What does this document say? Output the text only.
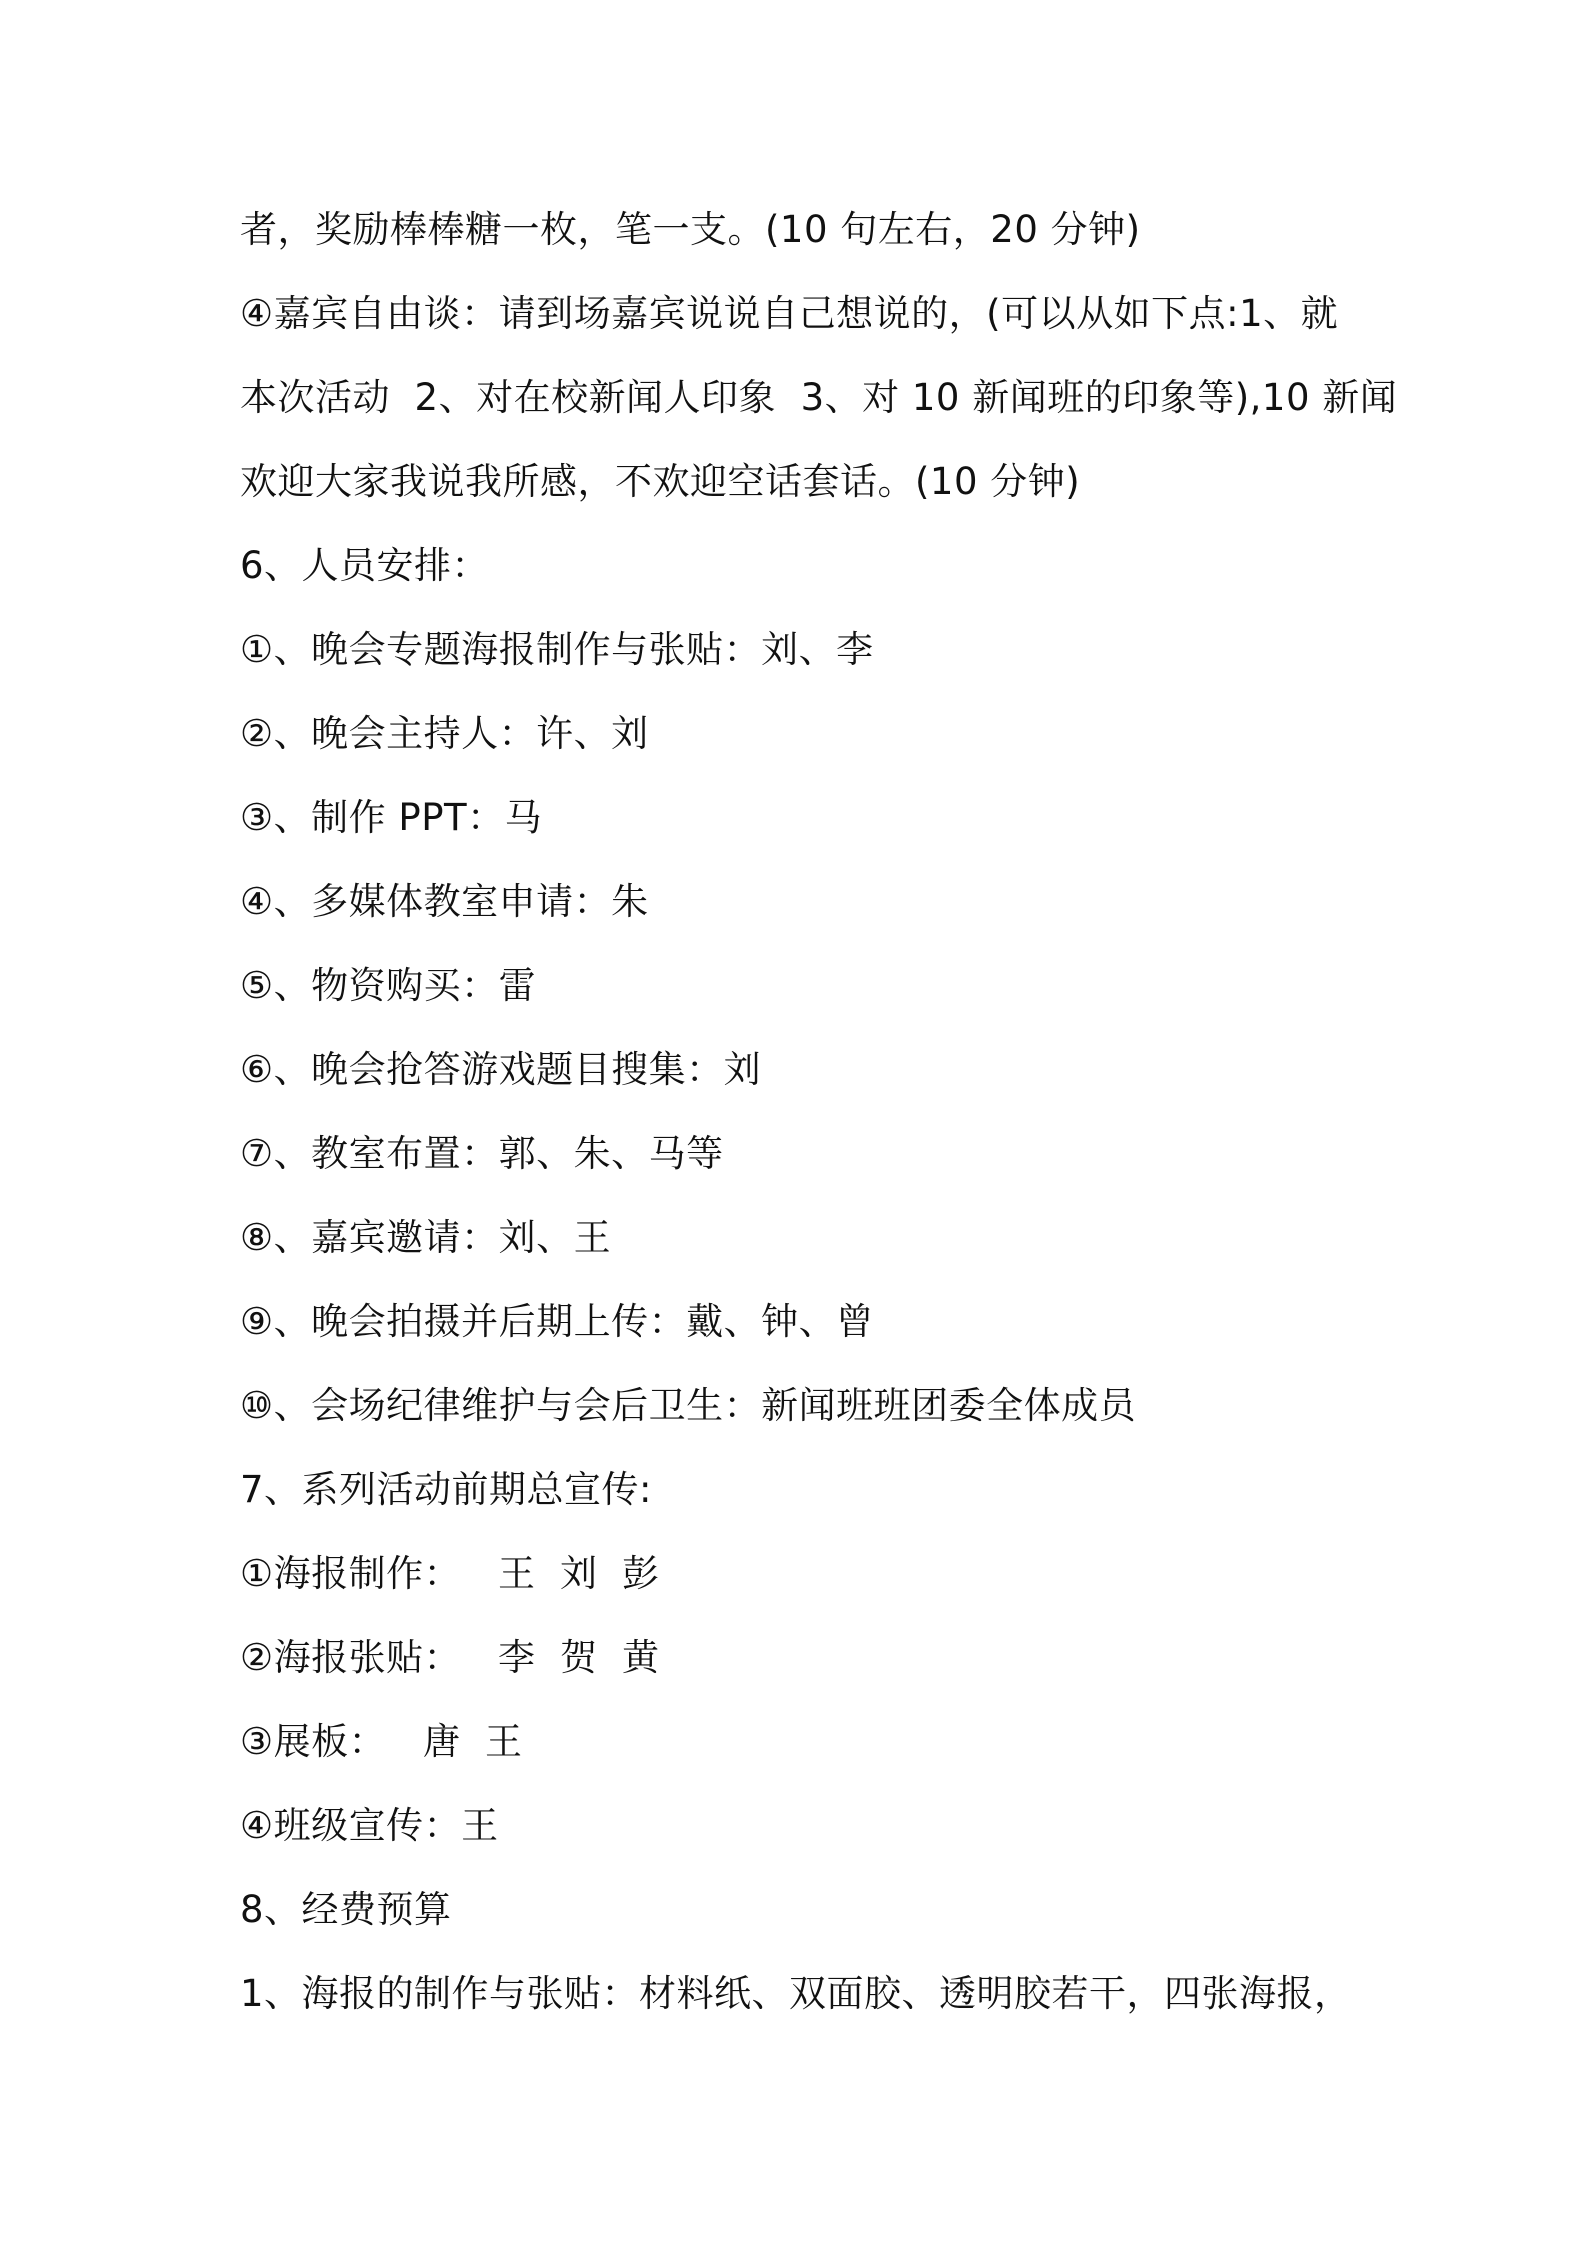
者，奖励棒棒糖一枚，笔一支。(10 句左右，20 分钟)
④嘉宾自由谈：请到场嘉宾说说自己想说的，(可以从如下点:1、就
本次活动  2、对在校新闻人印象  3、对 10 新闻班的印象等),10 新闻
欢迎大家我说我所感，不欢迎空话套话。(10 分钟)
6、人员安排：
①、晚会专题海报制作与张贴：刘、李
②、晚会主持人：许、刘
③、制作 PPT：马
④、多媒体教室申请：朱
⑤、物资购买：雷
⑥、晚会抢答游戏题目搜集：刘
⑦、教室布置：郭、朱、马等
⑧、嘉宾邀请：刘、王
⑨、晚会拍摄并后期上传：戴、钟、曾
⑩、会场纪律维护与会后卫生：新闻班班团委全体成员
7、系列活动前期总宣传:
①海报制作：   王  刘  彭
②海报张贴：   李  贺  黄
③展板：   唐  王
④班级宣传：王
8、经费预算
1、海报的制作与张贴：材料纸、双面胶、透明胶若干，四张海报，
